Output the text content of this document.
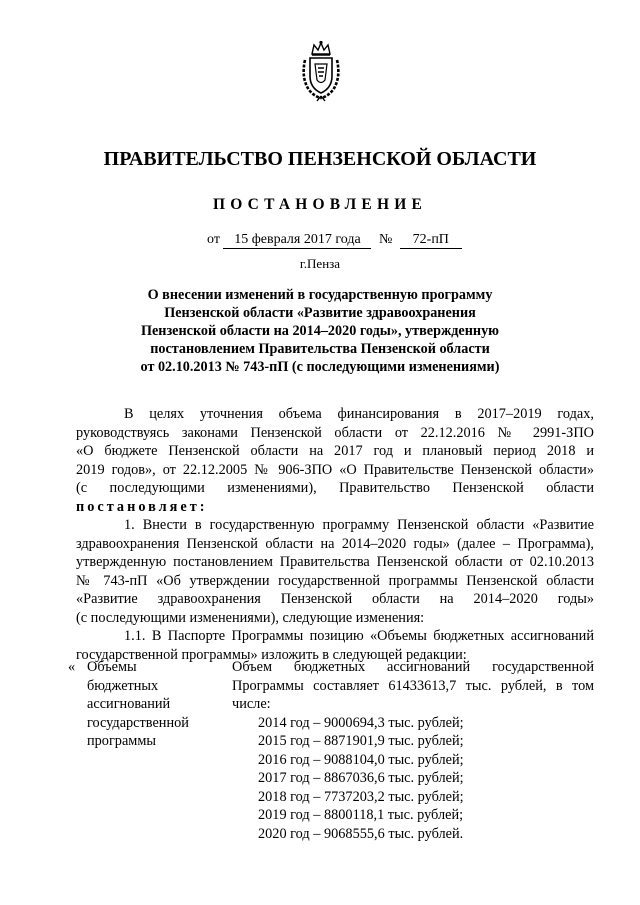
ПРАВИТЕЛЬСТВО ПЕНЗЕНСКОЙ ОБЛАСТИ
ПОСТАНОВЛЕНИЕ
от 15 февраля 2017 года № 72-пП
г.Пенза
О внесении изменений в государственную программу
Пензенской области «Развитие здравоохранения
Пензенской области на 2014–2020 годы», утвержденную
постановлением Правительства Пензенской области
от 02.10.2013 № 743-пП (с последующими изменениями)

В целях уточнения объема финансирования в 2017–2019 годах,

руководствуясь законами Пензенской области от 22.12.2016 № 2991-ЗПО

«О бюджете Пензенской области на 2017 год и плановый период 2018 и

2019 годов», от 22.12.2005 № 906-ЗПО «О Правительстве Пензенской области»

(с последующими изменениями), Правительство Пензенской области

постановляет:

1. Внести в государственную программу Пензенской области «Развитие

здравоохранения Пензенской области на 2014–2020 годы» (далее – Программа),

утвержденную постановлением Правительства Пензенской области от 02.10.2013

№ 743-пП «Об утверждении государственной программы Пензенской области

«Развитие здравоохранения Пензенской области на 2014–2020 годы»

(с последующими изменениями), следующие изменения:

1.1. В Паспорте Программы позицию «Объемы бюджетных ассигнований

государственной программы» изложить в следующей редакции:

« Объемы
бюджетных
ассигнований
государственной
программы
Объем бюджетных ассигнований государственной
Программы составляет 61433613,7 тыс. рублей, в том
числе:
2014 год – 9000694,3 тыс. рублей;
2015 год – 8871901,9 тыс. рублей;
2016 год – 9088104,0 тыс. рублей;
2017 год – 8867036,6 тыс. рублей;
2018 год – 7737203,2 тыс. рублей;
2019 год – 8800118,1 тыс. рублей;
2020 год – 9068555,6 тыс. рублей.
